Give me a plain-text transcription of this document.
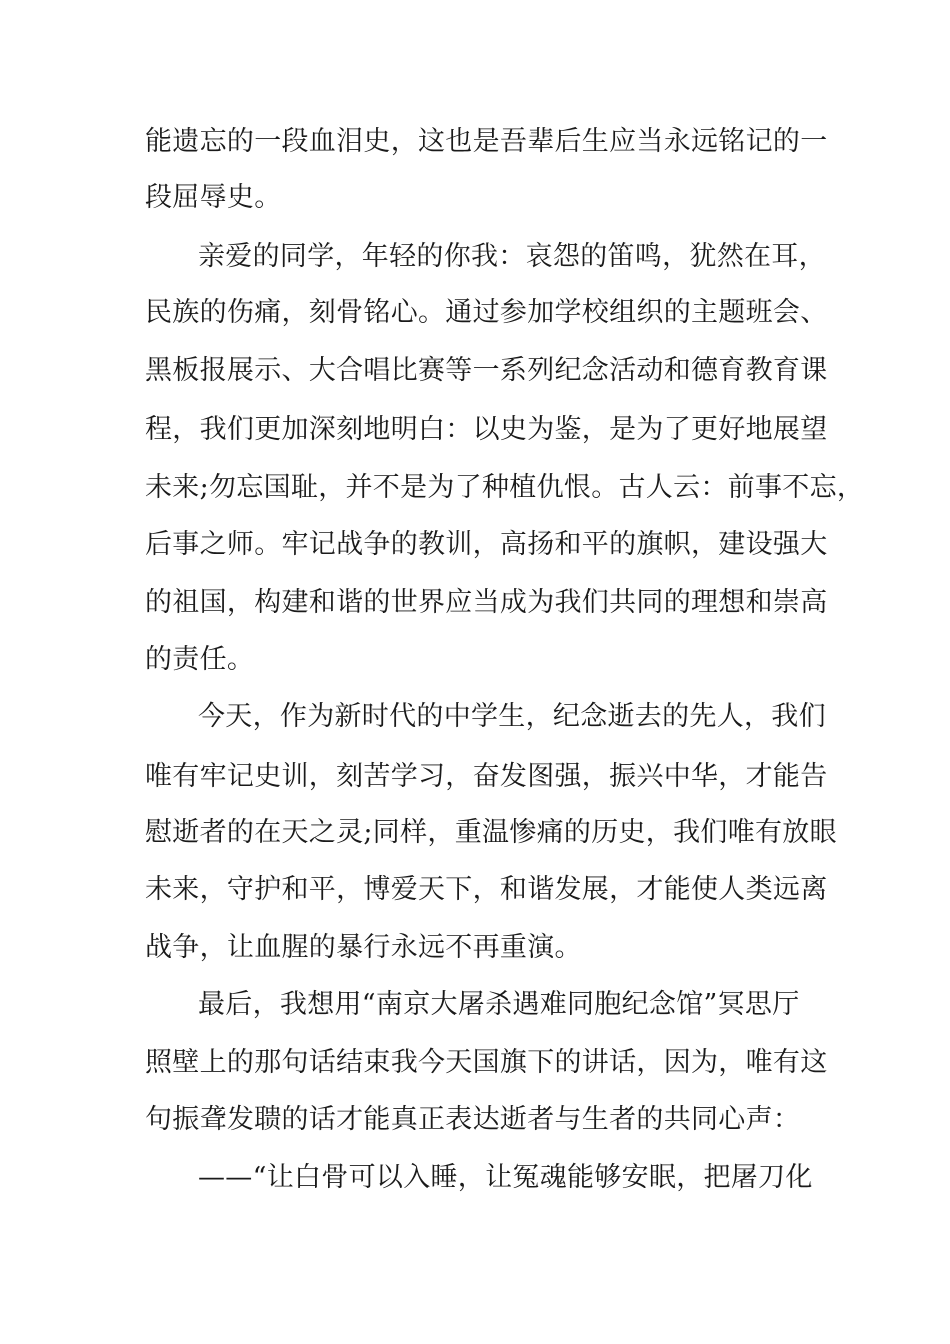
能遗忘的一段血泪史，这也是吾辈后生应当永远铭记的一

段屈辱史。

亲爱的同学，年轻的你我：哀怨的笛鸣，犹然在耳，

民族的伤痛，刻骨铭心。通过参加学校组织的主题班会、

黑板报展示、大合唱比赛等一系列纪念活动和德育教育课

程，我们更加深刻地明白：以史为鉴，是为了更好地展望

未来;勿忘国耻，并不是为了种植仇恨。古人云：前事不忘，

后事之师。牢记战争的教训，高扬和平的旗帜，建设强大

的祖国，构建和谐的世界应当成为我们共同的理想和崇高

的责任。

今天，作为新时代的中学生，纪念逝去的先人，我们

唯有牢记史训，刻苦学习，奋发图强，振兴中华，才能告

慰逝者的在天之灵;同样，重温惨痛的历史，我们唯有放眼

未来，守护和平，博爱天下，和谐发展，才能使人类远离

战争，让血腥的暴行永远不再重演。

最后，我想用“南京大屠杀遇难同胞纪念馆”冥思厅

照壁上的那句话结束我今天国旗下的讲话，因为，唯有这

句振聋发聩的话才能真正表达逝者与生者的共同心声：

——“让白骨可以入睡，让冤魂能够安眠，把屠刀化
